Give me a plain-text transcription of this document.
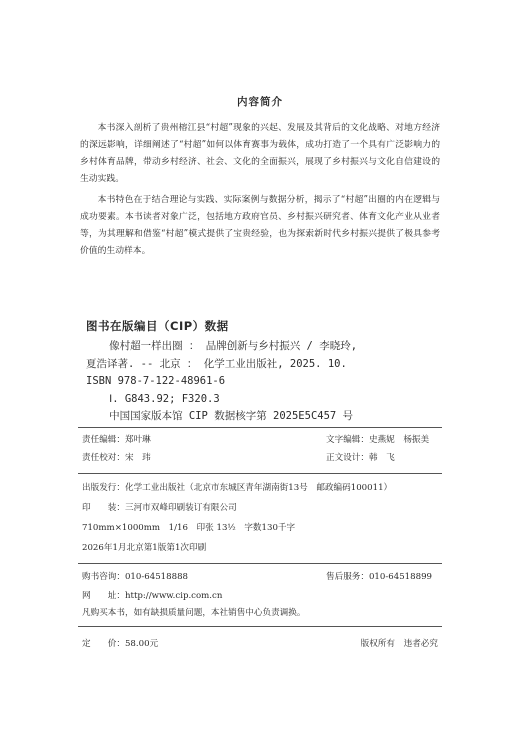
内容简介

本书深入剖析了贵州榕江县“村超”现象的兴起、发展及其背后的文化战略、对地方经济的深远影响，详细阐述了“村超”如何以体育赛事为载体，成功打造了一个具有广泛影响力的乡村体育品牌，带动乡村经济、社会、文化的全面振兴，展现了乡村振兴与文化自信建设的生动实践。

本书特色在于结合理论与实践、实际案例与数据分析，揭示了“村超”出圈的内在逻辑与成功要素。本书读者对象广泛，包括地方政府官员、乡村振兴研究者、体育文化产业从业者等，为其理解和借鉴“村超”模式提供了宝贵经验，也为探索新时代乡村振兴提供了极具参考价值的生动样本。

图书在版编目（CIP）数据
像村超一样出圈 ： 品牌创新与乡村振兴 / 李晓玲,
夏浩译著. -- 北京 ： 化学工业出版社, 2025. 10.
ISBN 978-7-122-48961-6
Ⅰ. G843.92; F320.3
中国国家版本馆 CIP 数据核字第 2025E5C457 号
责任编辑：郑叶琳	文字编辑：史燕妮　杨振美
责任校对：宋　玮	正文设计：韩　飞
出版发行：化学工业出版社（北京市东城区青年湖南街13号　邮政编码100011）
印　　装：三河市双峰印刷装订有限公司
710mm×1000mm　1/16　印张 13½　字数130千字
2026年1月北京第1版第1次印刷
购书咨询：010-64518888	售后服务：010-64518899
网　　址：http://www.cip.com.cn
凡购买本书，如有缺损质量问题，本社销售中心负责调换。
定　　价：58.00元	版权所有　违者必究
